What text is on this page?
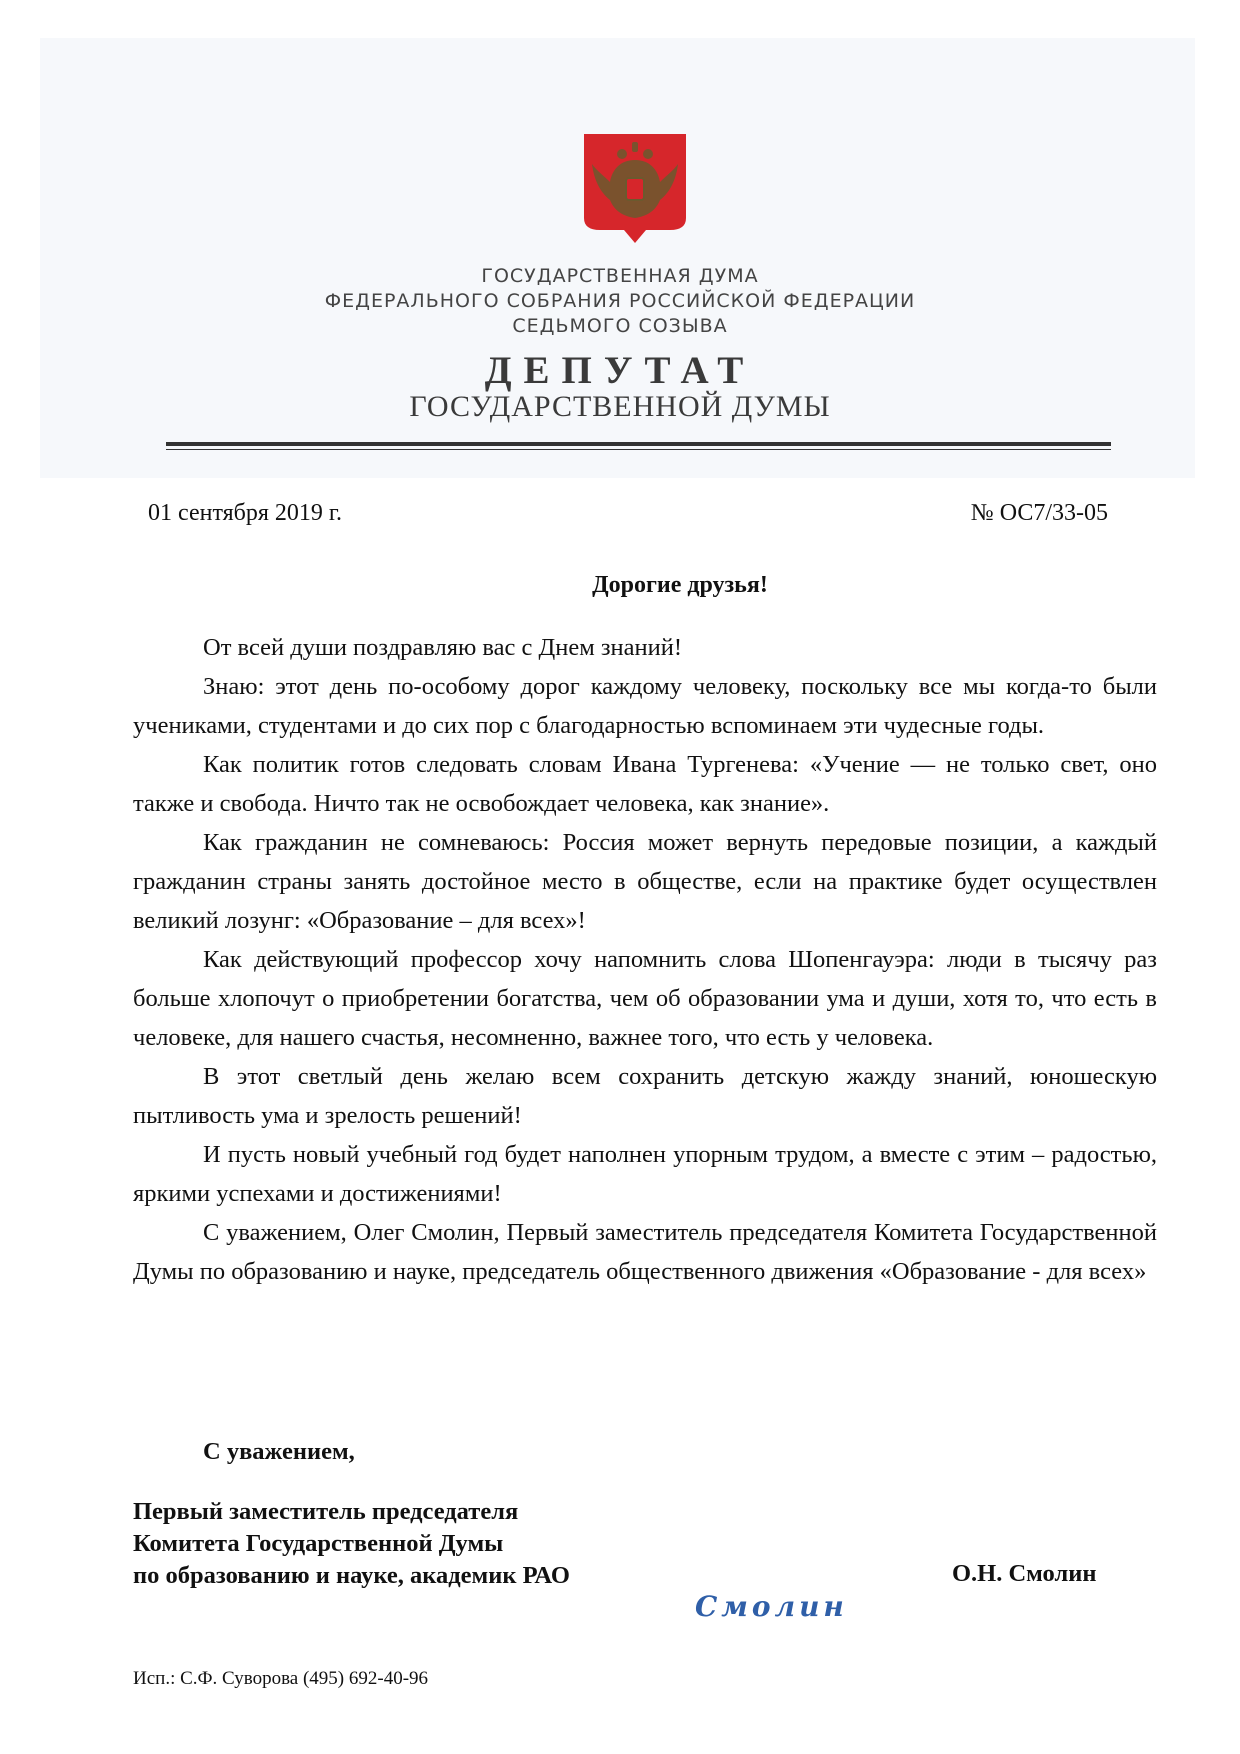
ГОСУДАРСТВЕННАЯ ДУМА
ФЕДЕРАЛЬНОГО СОБРАНИЯ РОССИЙСКОЙ ФЕДЕРАЦИИ
СЕДЬМОГО СОЗЫВА
ДЕПУТАТ
ГОСУДАРСТВЕННОЙ ДУМЫ
01 сентября 2019 г.	№ ОС7/33-05
Дорогие друзья!

От всей души поздравляю вас с Днем знаний!

Знаю: этот день по-особому дорог каждому человеку, поскольку все мы когда-то были учениками, студентами и до сих пор с благодарностью вспоминаем эти чудесные годы.

Как политик готов следовать словам Ивана Тургенева: «Учение — не только свет, оно также и свобода. Ничто так не освобождает человека, как знание».

Как гражданин не сомневаюсь: Россия может вернуть передовые позиции, а каждый гражданин страны занять достойное место в обществе, если на практике будет осуществлен великий лозунг: «Образование – для всех»!

Как действующий профессор хочу напомнить слова Шопенгауэра: люди в тысячу раз больше хлопочут о приобретении богатства, чем об образовании ума и души, хотя то, что есть в человеке, для нашего счастья, несомненно, важнее того, что есть у человека.

В этот светлый день желаю всем сохранить детскую жажду знаний, юношескую пытливость ума и зрелость решений!

И пусть новый учебный год будет наполнен упорным трудом, а вместе с этим – радостью, яркими успехами и достижениями!

С уважением, Олег Смолин, Первый заместитель председателя Комитета Государственной Думы по образованию и науке, председатель общественного движения «Образование - для всех»

С уважением,
Первый заместитель председателя
Комитета Государственной Думы
по образованию и науке, академик РАО	О.Н. Смолин
Смолин
Исп.: С.Ф. Суворова (495) 692-40-96
